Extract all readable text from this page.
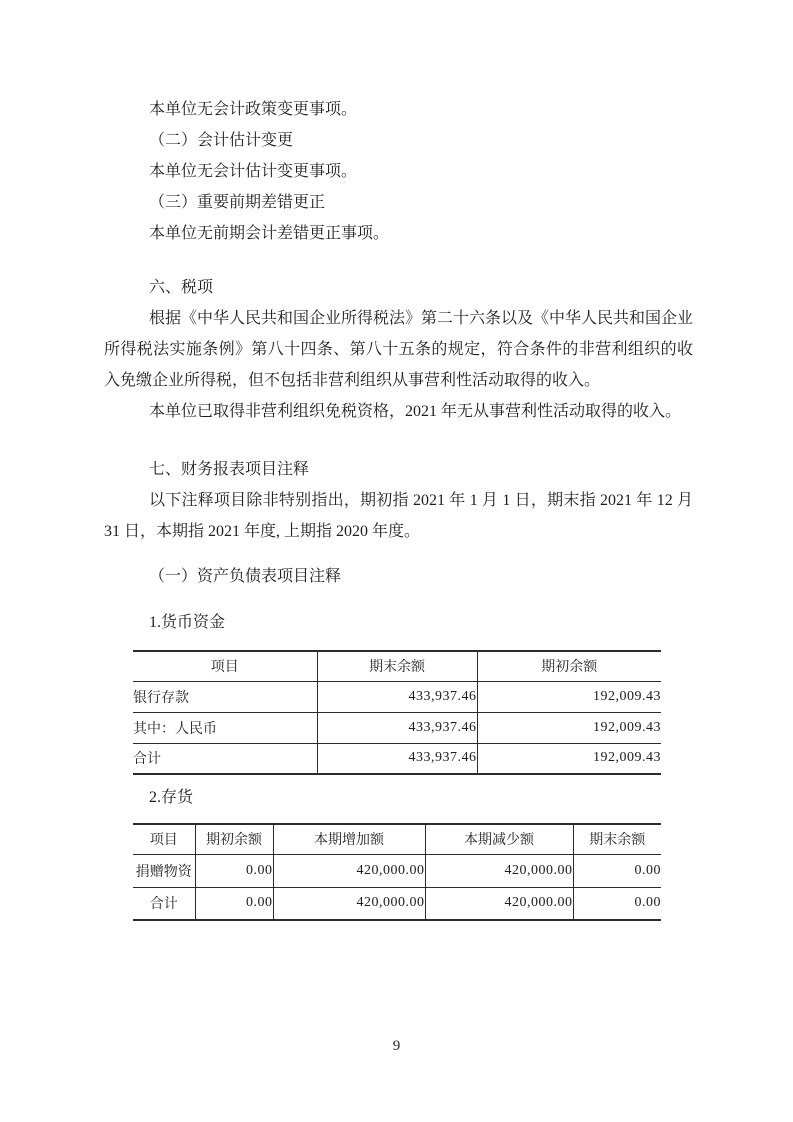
本单位无会计政策变更事项。

（二）会计估计变更

本单位无会计估计变更事项。

（三）重要前期差错更正

本单位无前期会计差错更正事项。

六、税项

根据《中华人民共和国企业所得税法》第二十六条以及《中华人民共和国企业所得税法实施条例》第八十四条、第八十五条的规定，符合条件的非营利组织的收入免缴企业所得税，但不包括非营利组织从事营利性活动取得的收入。

本单位已取得非营利组织免税资格，2021 年无从事营利性活动取得的收入。

七、财务报表项目注释

以下注释项目除非特别指出，期初指 2021 年 1 月 1 日，期末指 2021 年 12 月 31 日，本期指 2021 年度, 上期指 2020 年度。

（一）资产负债表项目注释

1.货币资金

项目	期末余额	期初余额
银行存款	433,937.46	192,009.43
其中：人民币	433,937.46	192,009.43
合计	433,937.46	192,009.43

2.存货

项目	期初余额	本期增加额	本期减少额	期末余额
捐赠物资	0.00	420,000.00	420,000.00	0.00
合计	0.00	420,000.00	420,000.00	0.00
9
